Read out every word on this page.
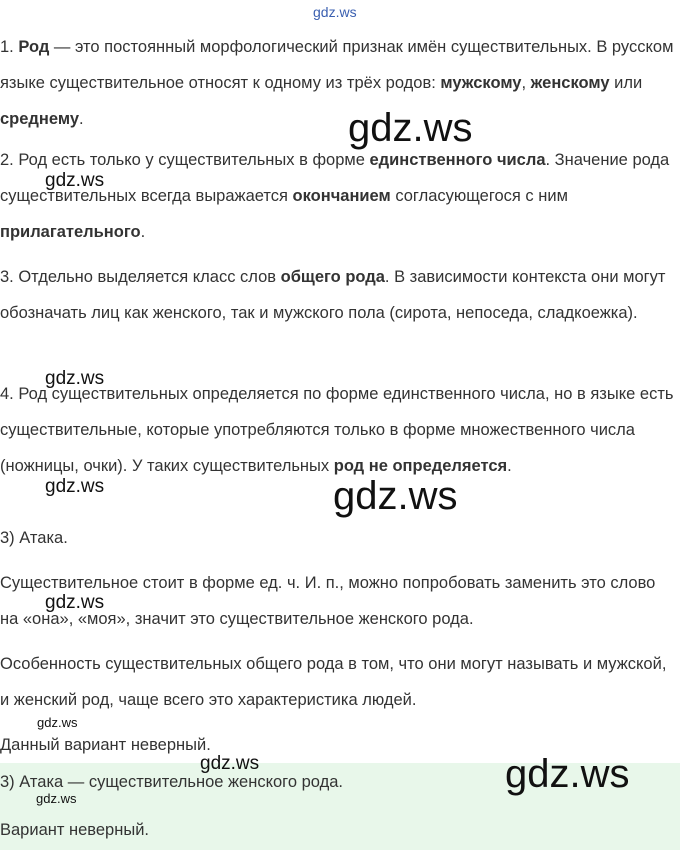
gdz.ws

1. Род — это постоянный морфологический признак имён существительных. В русском языке существительное относят к одному из трёх родов: мужскому, женскому или среднему.

2. Род есть только у существительных в форме единственного числа. Значение рода существительных всегда выражается окончанием согласующегося с ним прилагательного.

3. Отдельно выделяется класс слов общего рода. В зависимости контекста они могут обозначать лиц как женского, так и мужского пола (сирота, непоседа, сладкоежка).

4. Род существительных определяется по форме единственного числа, но в языке есть существительные, которые употребляются только в форме множественного числа (ножницы, очки). У таких существительных род не определяется.

3) Атака.

Существительное стоит в форме ед. ч. И. п., можно попробовать заменить это слово на «она», «моя», значит это существительное женского рода.

Особенность существительных общего рода в том, что они могут называть и мужской, и женский род, чаще всего это характеристика людей.

Данный вариант неверный.

3) Атака — существительное женского рода.

Вариант неверный.

gdz.ws
gdz.ws
gdz.ws
gdz.ws
gdz.ws
gdz.ws
gdz.ws
gdz.ws
gdz.ws
gdz.ws
